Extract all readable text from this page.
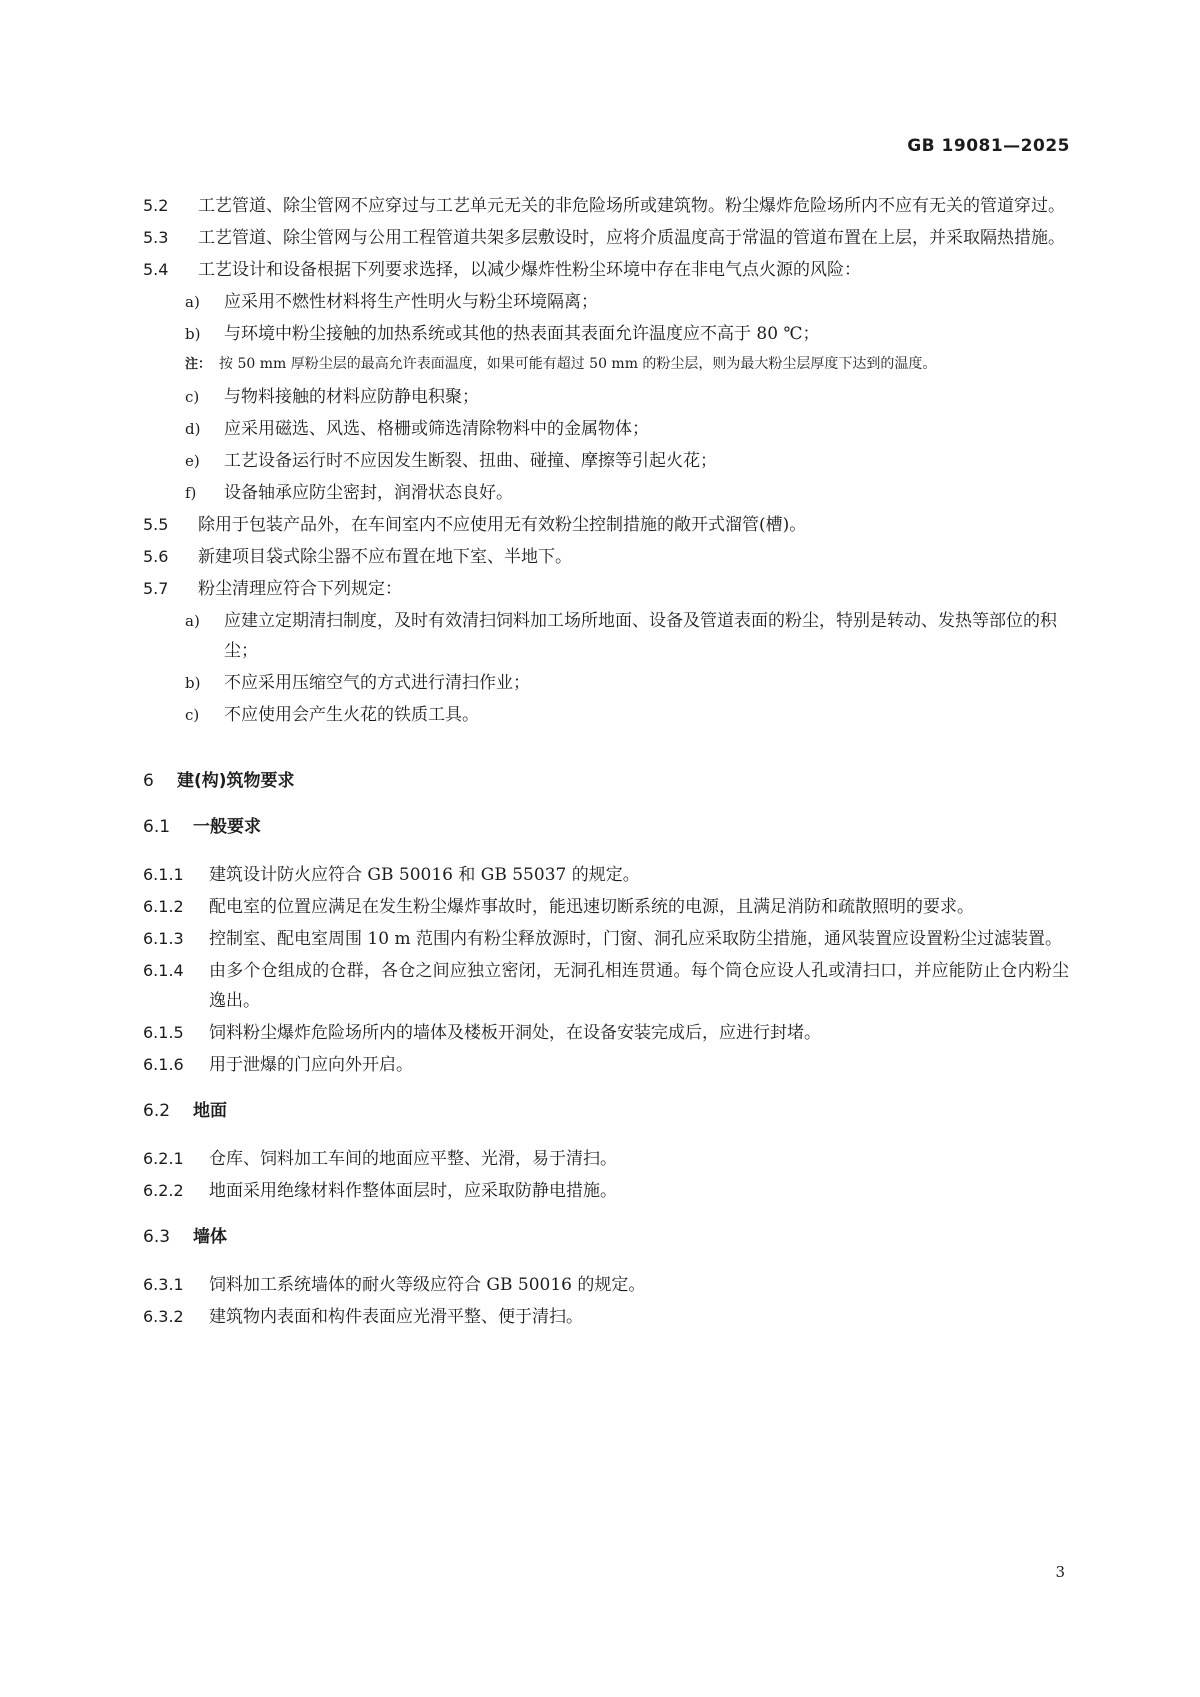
GB 19081—2025

5.2 工艺管道、除尘管网不应穿过与工艺单元无关的非危险场所或建筑物。粉尘爆炸危险场所内不应有无关的管道穿过。

5.3 工艺管道、除尘管网与公用工程管道共架多层敷设时，应将介质温度高于常温的管道布置在上层，并采取隔热措施。

5.4 工艺设计和设备根据下列要求选择，以减少爆炸性粉尘环境中存在非电气点火源的风险：

a) 应采用不燃性材料将生产性明火与粉尘环境隔离；

b) 与环境中粉尘接触的加热系统或其他的热表面其表面允许温度应不高于 80 ℃；

注： 按 50 mm 厚粉尘层的最高允许表面温度，如果可能有超过 50 mm 的粉尘层，则为最大粉尘层厚度下达到的温度。

c) 与物料接触的材料应防静电积聚；

d) 应采用磁选、风选、格栅或筛选清除物料中的金属物体；

e) 工艺设备运行时不应因发生断裂、扭曲、碰撞、摩擦等引起火花；

f) 设备轴承应防尘密封，润滑状态良好。

5.5 除用于包装产品外，在车间室内不应使用无有效粉尘控制措施的敞开式溜管(槽)。

5.6 新建项目袋式除尘器不应布置在地下室、半地下。

5.7 粉尘清理应符合下列规定：

a) 应建立定期清扫制度，及时有效清扫饲料加工场所地面、设备及管道表面的粉尘，特别是转动、发热等部位的积尘；

b) 不应采用压缩空气的方式进行清扫作业；

c) 不应使用会产生火花的铁质工具。

6 建(构)筑物要求
6.1 一般要求

6.1.1 建筑设计防火应符合 GB 50016 和 GB 55037 的规定。

6.1.2 配电室的位置应满足在发生粉尘爆炸事故时，能迅速切断系统的电源，且满足消防和疏散照明的要求。

6.1.3 控制室、配电室周围 10 m 范围内有粉尘释放源时，门窗、洞孔应采取防尘措施，通风装置应设置粉尘过滤装置。

6.1.4 由多个仓组成的仓群，各仓之间应独立密闭，无洞孔相连贯通。每个筒仓应设人孔或清扫口，并应能防止仓内粉尘逸出。

6.1.5 饲料粉尘爆炸危险场所内的墙体及楼板开洞处，在设备安装完成后，应进行封堵。

6.1.6 用于泄爆的门应向外开启。

6.2 地面

6.2.1 仓库、饲料加工车间的地面应平整、光滑，易于清扫。

6.2.2 地面采用绝缘材料作整体面层时，应采取防静电措施。

6.3 墙体

6.3.1 饲料加工系统墙体的耐火等级应符合 GB 50016 的规定。

6.3.2 建筑物内表面和构件表面应光滑平整、便于清扫。

3
